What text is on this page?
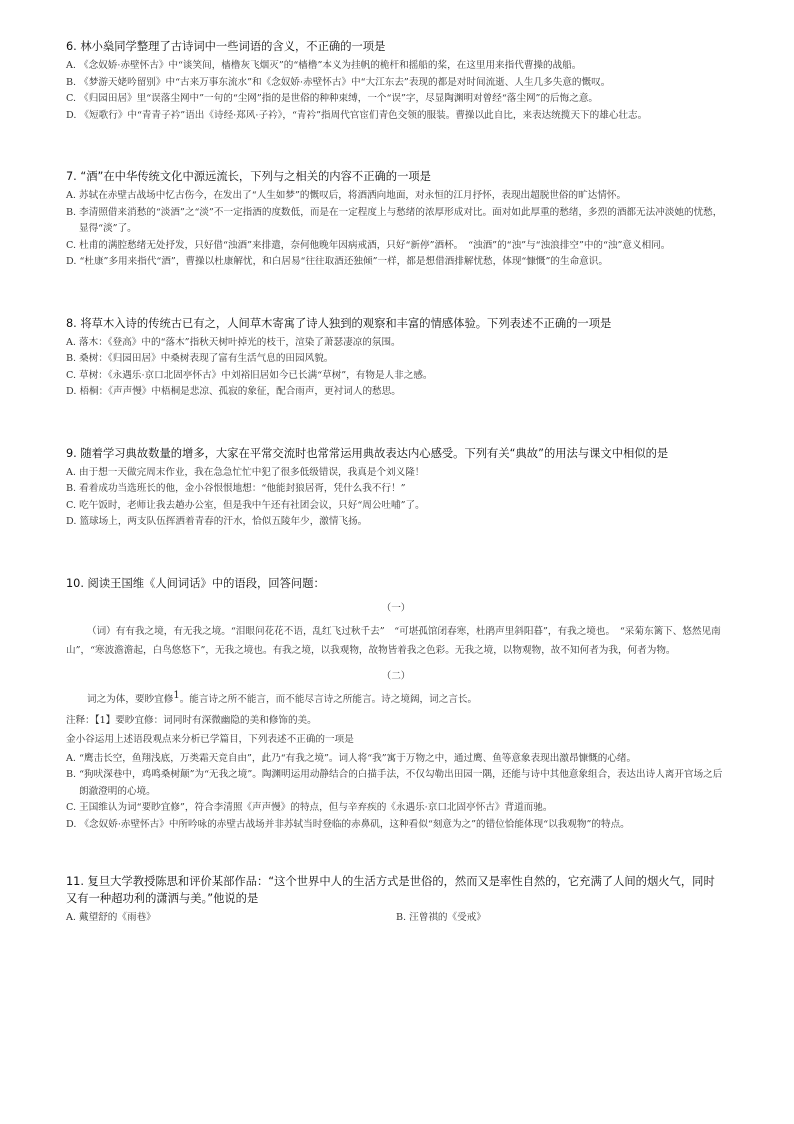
6. 林小燊同学整理了古诗词中一些词语的含义，不正确的一项是

A. 《念奴娇·赤壁怀古》中“谈笑间，樯橹灰飞烟灭”的“樯橹”本义为挂帆的桅杆和摇船的桨，在这里用来指代曹操的战船。

B. 《梦游天姥吟留别》中“古来万事东流水”和《念奴娇·赤壁怀古》中“大江东去”表现的都是对时间流逝、人生几多失意的慨叹。

C. 《归园田居》里“误落尘网中”一句的“尘网”指的是世俗的种种束缚，一个“误”字，尽显陶渊明对曾经“落尘网”的后悔之意。

D. 《短歌行》中“青青子衿”语出《诗经·郑风·子衿》，“青衿”指周代官宦们青色交领的服装。曹操以此自比，来表达统揽天下的雄心壮志。

7. “酒”在中华传统文化中源远流长，下列与之相关的内容不正确的一项是

A. 苏轼在赤壁古战场中忆古伤今，在发出了“人生如梦”的慨叹后，将酒洒向地面，对永恒的江月抒怀，表现出超脱世俗的旷达情怀。

B. 李清照借来消愁的“淡酒”之“淡”不一定指酒的度数低，而是在一定程度上与愁绪的浓厚形成对比。面对如此厚重的愁绪，多烈的酒都无法冲淡她的忧愁，显得“淡”了。

C. 杜甫的满腔愁绪无处抒发，只好借“浊酒”来排遣，奈何他晚年因病戒酒，只好“新停”酒杯。　“浊酒”的“浊”与“浊浪排空”中的“浊”意义相同。

D. “杜康”多用来指代“酒”，曹操以杜康解忧，和白居易“往往取酒还独倾”一样，都是想借酒排解忧愁，体现“慷慨”的生命意识。

8. 将草木入诗的传统古已有之，人间草木寄寓了诗人独到的观察和丰富的情感体验。下列表述不正确的一项是

A. 落木：《登高》中的“落木”指秋天树叶掉光的枝干，渲染了萧瑟凄凉的氛围。

B. 桑树：《归园田居》中桑树表现了富有生活气息的田园风貌。

C. 草树：《永遇乐·京口北固亭怀古》中刘裕旧居如今已长满“草树”，有物是人非之感。

D. 梧桐：《声声慢》中梧桐是悲凉、孤寂的象征，配合雨声，更衬词人的愁思。

9. 随着学习典故数量的增多，大家在平常交流时也常常运用典故表达内心感受。下列有关“典故”的用法与课文中相似的是

A. 由于想一天做完周末作业，我在急急忙忙中犯了很多低级错误，我真是个刘义隆！

B. 看着成功当选班长的他，金小谷恨恨地想：“他能封狼居胥，凭什么我不行！”

C. 吃午饭时，老师让我去趟办公室，但是我中午还有社团会议，只好“周公吐哺”了。

D. 篮球场上，两支队伍挥洒着青春的汗水，恰似五陵年少，激情飞扬。

10. 阅读王国维《人间词话》中的语段，回答问题：

（一）

（词）有有我之境，有无我之境。“泪眼问花花不语，乱红飞过秋千去”　“可堪孤馆闭春寒，杜鹃声里斜阳暮”，有我之境也。　“采菊东篱下、悠然见南山”，“寒波澹澹起，白鸟悠悠下”，无我之境也。有我之境，以我观物，故物皆着我之色彩。无我之境，以物观物，故不知何者为我，何者为物。

（二）

词之为体，要眇宜修$^1$。能言诗之所不能言，而不能尽言诗之所能言。诗之境阔，词之言长。

注释：【1】要眇宜修：词同时有深微幽隐的美和修饰的美。

金小谷运用上述语段观点来分析已学篇目，下列表述不正确的一项是

A. “鹰击长空，鱼翔浅底，万类霜天竞自由”，此乃“有我之境”。词人将“我”寓于万物之中，通过鹰、鱼等意象表现出激昂慷慨的心绪。

B. “狗吠深巷中，鸡鸣桑树颠”为“无我之境”。陶渊明运用动静结合的白描手法，不仅勾勒出田园一隅，还能与诗中其他意象组合，表达出诗人离开官场之后朗澈澄明的心境。

C. 王国维认为词“要眇宜修”，符合李清照《声声慢》的特点，但与辛弃疾的《永遇乐·京口北固亭怀古》背道而驰。

D. 《念奴娇·赤壁怀古》中所吟咏的赤壁古战场并非苏轼当时登临的赤鼻矶，这种看似“刻意为之”的错位恰能体现“以我观物”的特点。

11. 复旦大学教授陈思和评价某部作品：“这个世界中人的生活方式是世俗的，然而又是率性自然的，它充满了人间的烟火气，同时又有一种超功利的潇洒与美。”他说的是

A. 戴望舒的《雨巷》	B. 汪曾祺的《受戒》
